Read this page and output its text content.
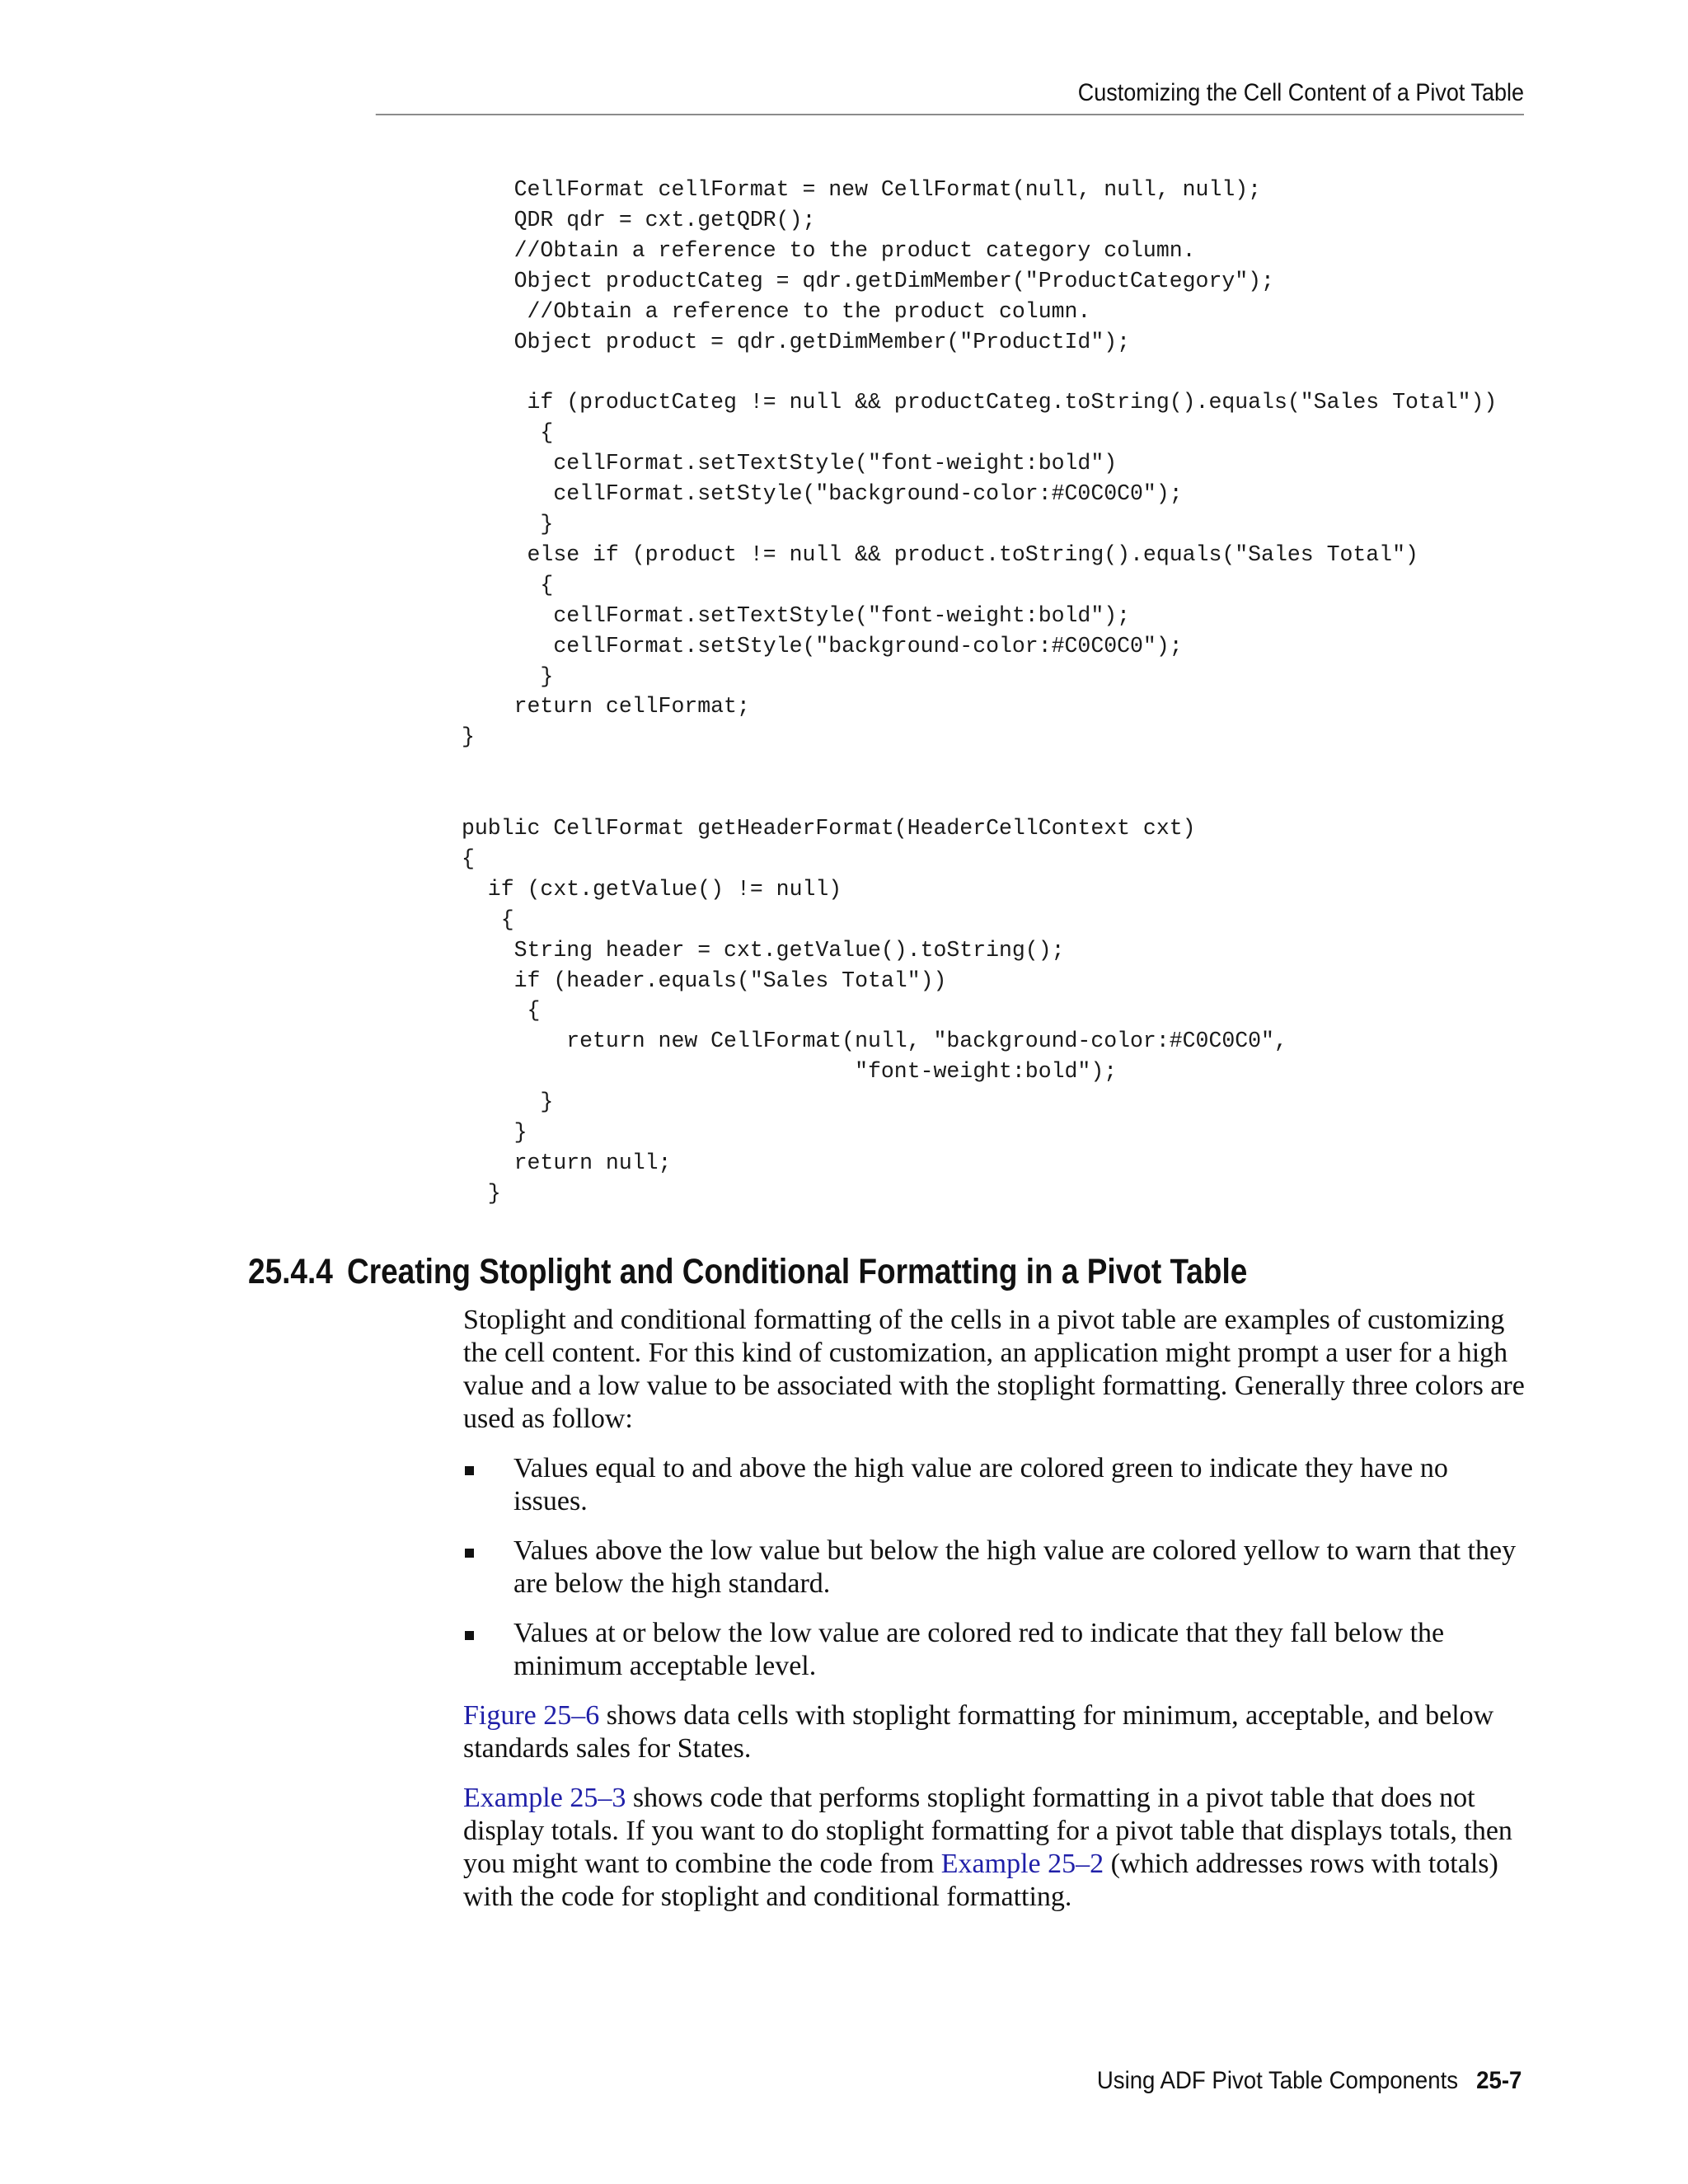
Customizing the Cell Content of a Pivot Table
CellFormat cellFormat = new CellFormat(null, null, null);
QDR qdr = cxt.getQDR();
//Obtain a reference to the product category column.
Object productCateg = qdr.getDimMember("ProductCategory");
//Obtain a reference to the product column.
Object product = qdr.getDimMember("ProductId");

if (productCateg != null && productCateg.toString().equals("Sales Total"))
{
cellFormat.setTextStyle("font-weight:bold")
cellFormat.setStyle("background-color:#C0C0C0");
}
else if (product != null && product.toString().equals("Sales Total")
{
cellFormat.setTextStyle("font-weight:bold");
cellFormat.setStyle("background-color:#C0C0C0");
}
return cellFormat;
}

public CellFormat getHeaderFormat(HeaderCellContext cxt)
{
if (cxt.getValue() != null)
{
String header = cxt.getValue().toString();
if (header.equals("Sales Total"))
{
return new CellFormat(null, "background-color:#C0C0C0",
"font-weight:bold");
}
}
return null;
}
25.4.4 Creating Stoplight and Conditional Formatting in a Pivot Table

Stoplight and conditional formatting of the cells in a pivot table are examples of customizing the cell content. For this kind of customization, an application might prompt a user for a high value and a low value to be associated with the stoplight formatting. Generally three colors are used as follow:

Values equal to and above the high value are colored green to indicate they have no issues.
Values above the low value but below the high value are colored yellow to warn that they are below the high standard.
Values at or below the low value are colored red to indicate that they fall below the minimum acceptable level.

Figure 25–6 shows data cells with stoplight formatting for minimum, acceptable, and below standards sales for States.

Example 25–3 shows code that performs stoplight formatting in a pivot table that does not display totals. If you want to do stoplight formatting for a pivot table that displays totals, then you might want to combine the code from Example 25–2 (which addresses rows with totals) with the code for stoplight and conditional formatting.

Using ADF Pivot Table Components 25-7
